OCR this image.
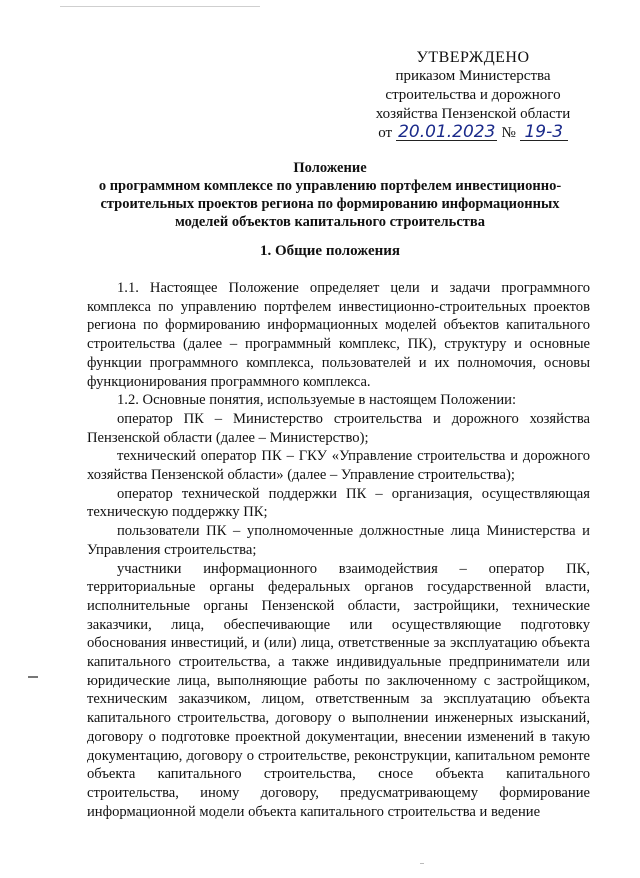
УТВЕРЖДЕНО
приказом Министерства
строительства и дорожного
хозяйства Пензенской области
от 20.01.2023 № 19-3
Положение
о программном комплексе по управлению портфелем инвестиционно-строительных проектов региона по формированию информационных моделей объектов капитального строительства
1. Общие положения

1.1. Настоящее Положение определяет цели и задачи программного комплекса по управлению портфелем инвестиционно-строительных проектов региона по формированию информационных моделей объектов капитального строительства (далее – программный комплекс, ПК), структуру и основные функции программного комплекса, пользователей и их полномочия, основы функционирования программного комплекса.

1.2. Основные понятия, используемые в настоящем Положении:

оператор ПК – Министерство строительства и дорожного хозяйства Пензенской области (далее – Министерство);

технический оператор ПК – ГКУ «Управление строительства и дорожного хозяйства Пензенской области» (далее – Управление строительства);

оператор технической поддержки ПК – организация, осуществляющая техническую поддержку ПК;

пользователи ПК – уполномоченные должностные лица Министерства и Управления строительства;

участники информационного взаимодействия – оператор ПК, территориальные органы федеральных органов государственной власти, исполнительные органы Пензенской области, застройщики, технические заказчики, лица, обеспечивающие или осуществляющие подготовку обоснования инвестиций, и (или) лица, ответственные за эксплуатацию объекта капитального строительства, а также индивидуальные предприниматели или юридические лица, выполняющие работы по заключенному с застройщиком, техническим заказчиком, лицом, ответственным за эксплуатацию объекта капитального строительства, договору о выполнении инженерных изысканий, договору о подготовке проектной документации, внесении изменений в такую документацию, договору о строительстве, реконструкции, капитальном ремонте объекта капитального строительства, сносе объекта капитального строительства, иному договору, предусматривающему формирование информационной модели объекта капитального строительства и ведение
